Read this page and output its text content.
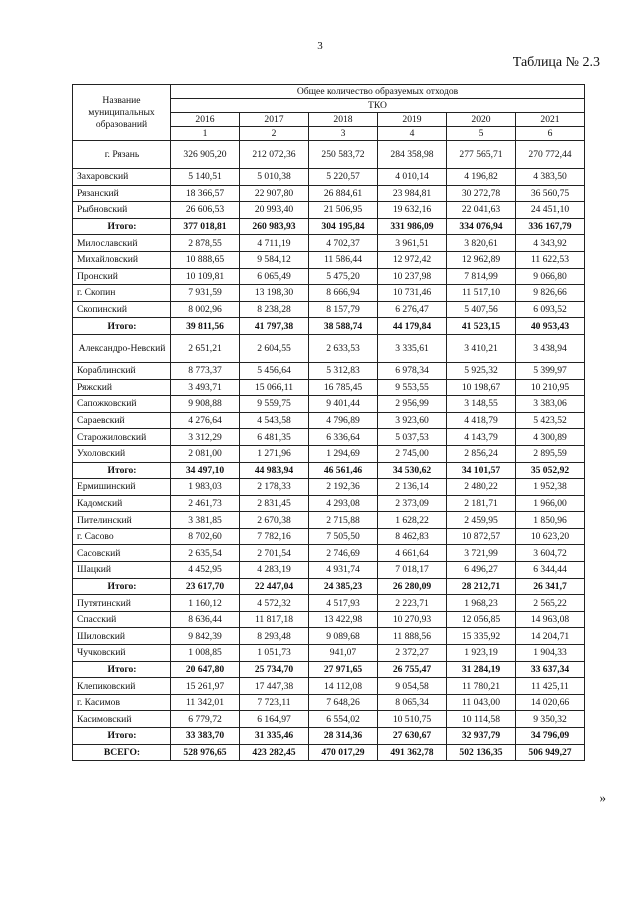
3
Таблица № 2.3
Название муниципальных образований	Общее количество образуемых отходов					
	ТКО					
	2016	2017	2018	2019	2020	2021
	1	2	3	4	5	6
г. Рязань	326 905,20	212 072,36	250 583,72	284 358,98	277 565,71	270 772,44
Захаровский	5 140,51	5 010,38	5 220,57	4 010,14	4 196,82	4 383,50
Рязанский	18 366,57	22 907,80	26 884,61	23 984,81	30 272,78	36 560,75
Рыбновский	26 606,53	20 993,40	21 506,95	19 632,16	22 041,63	24 451,10
Итого:	377 018,81	260 983,93	304 195,84	331 986,09	334 076,94	336 167,79
Милославский	2 878,55	4 711,19	4 702,37	3 961,51	3 820,61	4 343,92
Михайловский	10 888,65	9 584,12	11 586,44	12 972,42	12 962,89	11 622,53
Пронский	10 109,81	6 065,49	5 475,20	10 237,98	7 814,99	9 066,80
г. Скопин	7 931,59	13 198,30	8 666,94	10 731,46	11 517,10	9 826,66
Скопинский	8 002,96	8 238,28	8 157,79	6 276,47	5 407,56	6 093,52
Итого:	39 811,56	41 797,38	38 588,74	44 179,84	41 523,15	40 953,43
Александро-Невский	2 651,21	2 604,55	2 633,53	3 335,61	3 410,21	3 438,94
Кораблинский	8 773,37	5 456,64	5 312,83	6 978,34	5 925,32	5 399,97
Ряжский	3 493,71	15 066,11	16 785,45	9 553,55	10 198,67	10 210,95
Сапожковский	9 908,88	9 559,75	9 401,44	2 956,99	3 148,55	3 383,06
Сараевский	4 276,64	4 543,58	4 796,89	3 923,60	4 418,79	5 423,52
Старожиловский	3 312,29	6 481,35	6 336,64	5 037,53	4 143,79	4 300,89
Ухоловский	2 081,00	1 271,96	1 294,69	2 745,00	2 856,24	2 895,59
Итого:	34 497,10	44 983,94	46 561,46	34 530,62	34 101,57	35 052,92
Ермишинский	1 983,03	2 178,33	2 192,36	2 136,14	2 480,22	1 952,38
Кадомский	2 461,73	2 831,45	4 293,08	2 373,09	2 181,71	1 966,00
Пителинский	3 381,85	2 670,38	2 715,88	1 628,22	2 459,95	1 850,96
г. Сасово	8 702,60	7 782,16	7 505,50	8 462,83	10 872,57	10 623,20
Сасовский	2 635,54	2 701,54	2 746,69	4 661,64	3 721,99	3 604,72
Шацкий	4 452,95	4 283,19	4 931,74	7 018,17	6 496,27	6 344,44
Итого:	23 617,70	22 447,04	24 385,23	26 280,09	28 212,71	26 341,7
Путятинский	1 160,12	4 572,32	4 517,93	2 223,71	1 968,23	2 565,22
Спасский	8 636,44	11 817,18	13 422,98	10 270,93	12 056,85	14 963,08
Шиловский	9 842,39	8 293,48	9 089,68	11 888,56	15 335,92	14 204,71
Чучковский	1 008,85	1 051,73	941,07	2 372,27	1 923,19	1 904,33
Итого:	20 647,80	25 734,70	27 971,65	26 755,47	31 284,19	33 637,34
Клепиковский	15 261,97	17 447,38	14 112,08	9 054,58	11 780,21	11 425,11
г. Касимов	11 342,01	7 723,11	7 648,26	8 065,34	11 043,00	14 020,66
Касимовский	6 779,72	6 164,97	6 554,02	10 510,75	10 114,58	9 350,32
Итого:	33 383,70	31 335,46	28 314,36	27 630,67	32 937,79	34 796,09
ВСЕГО:	528 976,65	423 282,45	470 017,29	491 362,78	502 136,35	506 949,27
»
